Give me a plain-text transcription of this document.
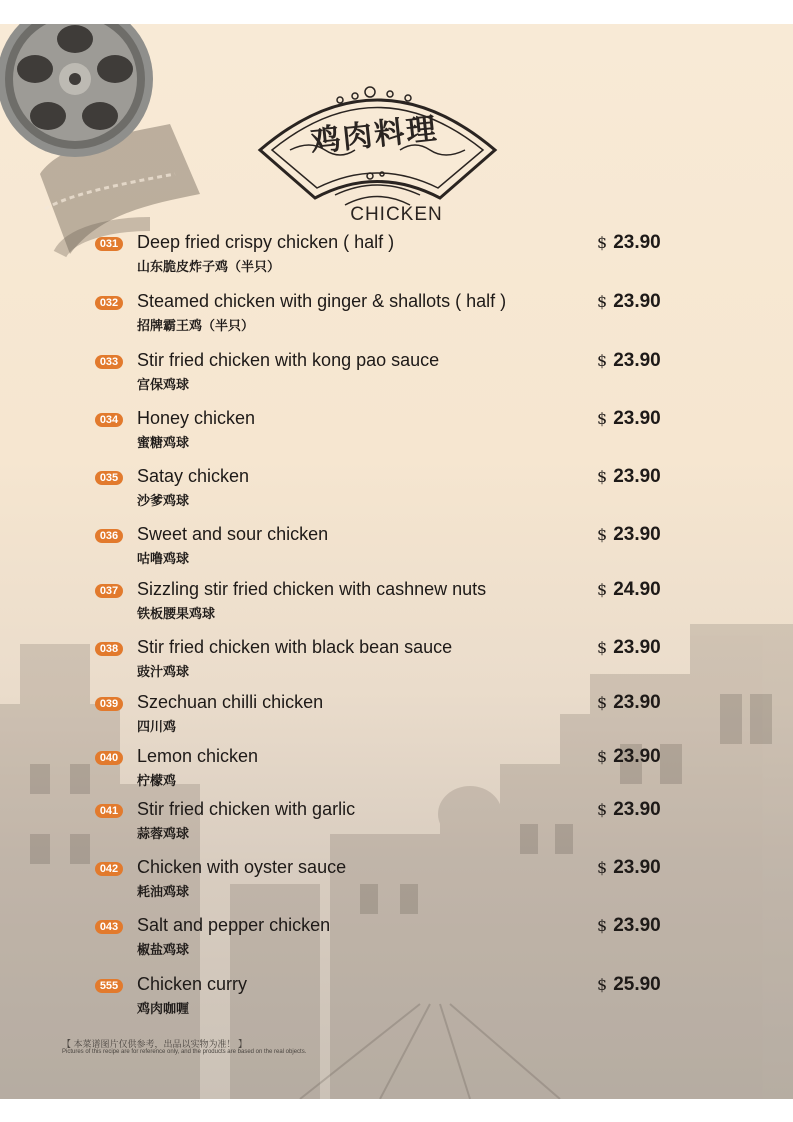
鸡肉料理
CHICKEN
031 Deep fried crispy chicken ( half )
山东脆皮炸子鸡（半只）
$ 23.90
032 Steamed chicken with ginger & shallots ( half )
招牌霸王鸡（半只）
$ 23.90
033 Stir fried chicken with kong pao sauce
宫保鸡球
$ 23.90
034 Honey chicken
蜜糖鸡球
$ 23.90
035 Satay chicken
沙爹鸡球
$ 23.90
036 Sweet and sour chicken
咕噜鸡球
$ 23.90
037 Sizzling stir fried chicken with cashnew nuts
铁板腰果鸡球
$ 24.90
038 Stir fried chicken with black bean sauce
豉汁鸡球
$ 23.90
039 Szechuan chilli chicken
四川鸡
$ 23.90
040 Lemon chicken
柠檬鸡
$ 23.90
041 Stir fried chicken with garlic
蒜蓉鸡球
$ 23.90
042 Chicken with oyster sauce
耗油鸡球
$ 23.90
043 Salt and pepper chicken
椒盐鸡球
$ 23.90
555 Chicken curry
鸡肉咖喱
$ 25.90
【 本菜谱图片仅供参考，出品以实物为准！ 】
Pictures of this recipe are for reference only, and the products are based on the real objects.
